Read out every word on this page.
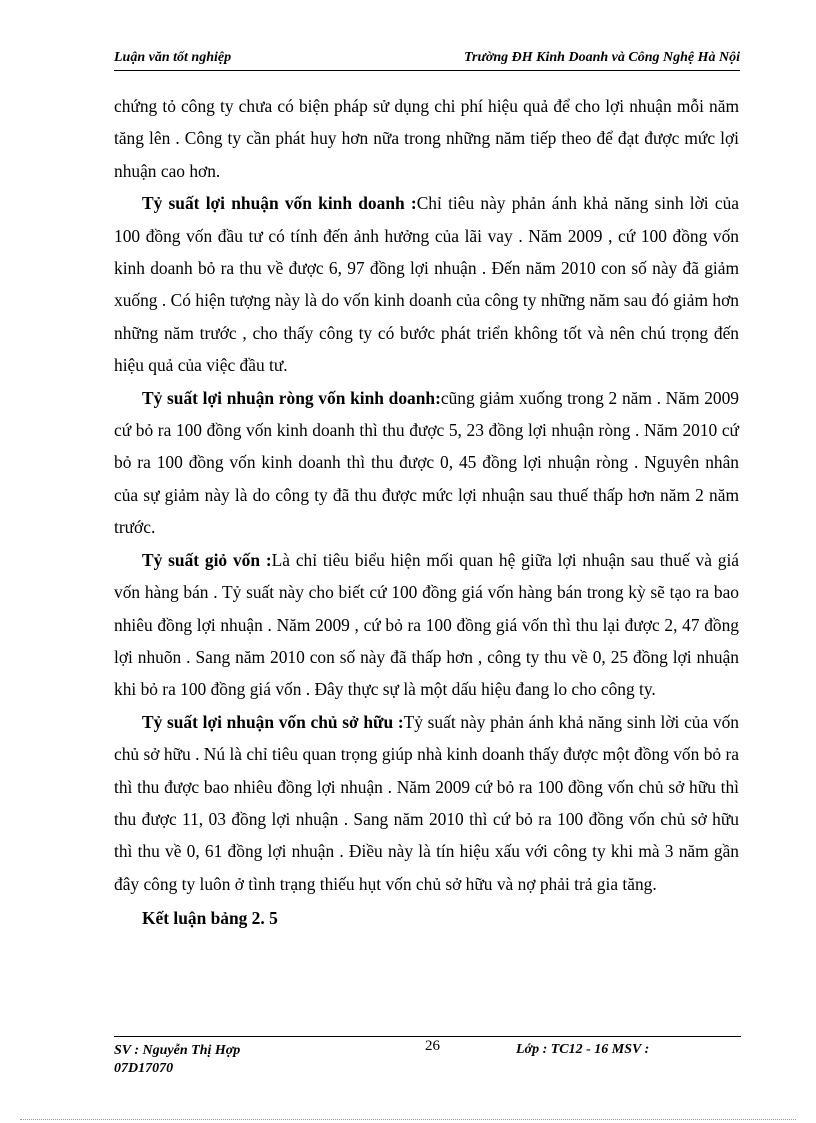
Luận văn tốt nghiệp	Trường ĐH Kinh Doanh và Công Nghệ Hà Nội

chứng tỏ công ty chưa có biện pháp sử dụng chi phí hiệu quả để cho lợi nhuận mỗi năm tăng lên . Công ty cần phát huy hơn nữa trong những năm tiếp theo để đạt được mức lợi nhuận cao hơn.

Tỷ suất lợi nhuận vốn kinh doanh :Chỉ tiêu này phản ánh khả năng sinh lời của 100 đồng vốn đầu tư có tính đến ảnh hưởng của lãi vay . Năm 2009 , cứ 100 đồng vốn kinh doanh bỏ ra thu về được 6, 97 đồng lợi nhuận . Đến năm 2010 con số này đã giảm xuống . Có hiện tượng này là do vốn kinh doanh của công ty những năm sau đó giảm hơn những năm trước , cho thấy công ty có bước phát triển không tốt và nên chú trọng đến hiệu quả của việc đầu tư.

Tỷ suất lợi nhuận ròng vốn kinh doanh:cũng giảm xuống trong 2 năm . Năm 2009 cứ bỏ ra 100 đồng vốn kinh doanh thì thu được 5, 23 đồng lợi nhuận ròng . Năm 2010 cứ bỏ ra 100 đồng vốn kinh doanh thì thu được 0, 45 đồng lợi nhuận ròng . Nguyên nhân của sự giảm này là do công ty đã thu được mức lợi nhuận sau thuế thấp hơn năm 2 năm trước.

Tỷ suất giỏ vốn :Là chỉ tiêu biểu hiện mối quan hệ giữa lợi nhuận sau thuế và giá vốn hàng bán . Tỷ suất này cho biết cứ 100 đồng giá vốn hàng bán trong kỳ sẽ tạo ra bao nhiêu đồng lợi nhuận . Năm 2009 , cứ bỏ ra 100 đồng giá vốn thì thu lại được 2, 47 đồng lợi nhuõn . Sang năm 2010 con số này đã thấp hơn , công ty thu về 0, 25 đồng lợi nhuận khi bỏ ra 100 đồng giá vốn . Đây thực sự là một dấu hiệu đang lo cho công ty.

Tỷ suất lợi nhuận vốn chủ sở hữu :Tỷ suất này phản ánh khả năng sinh lời của vốn chủ sở hữu . Nú là chỉ tiêu quan trọng giúp nhà kinh doanh thấy được một đồng vốn bỏ ra thì thu được bao nhiêu đồng lợi nhuận . Năm 2009 cứ bỏ ra 100 đồng vốn chủ sở hữu thì thu được 11, 03 đồng lợi nhuận . Sang năm 2010 thì cứ bỏ ra 100 đồng vốn chủ sở hữu thì thu về 0, 61 đồng lợi nhuận . Điều này là tín hiệu xấu với công ty khi mà 3 năm gần đây công ty luôn ở tình trạng thiếu hụt vốn chủ sở hữu và nợ phải trả gia tăng.

Kết luận bảng 2. 5

SV : Nguyễn Thị Hợp
07D17070
26	Lớp : TC12 - 16 MSV :
